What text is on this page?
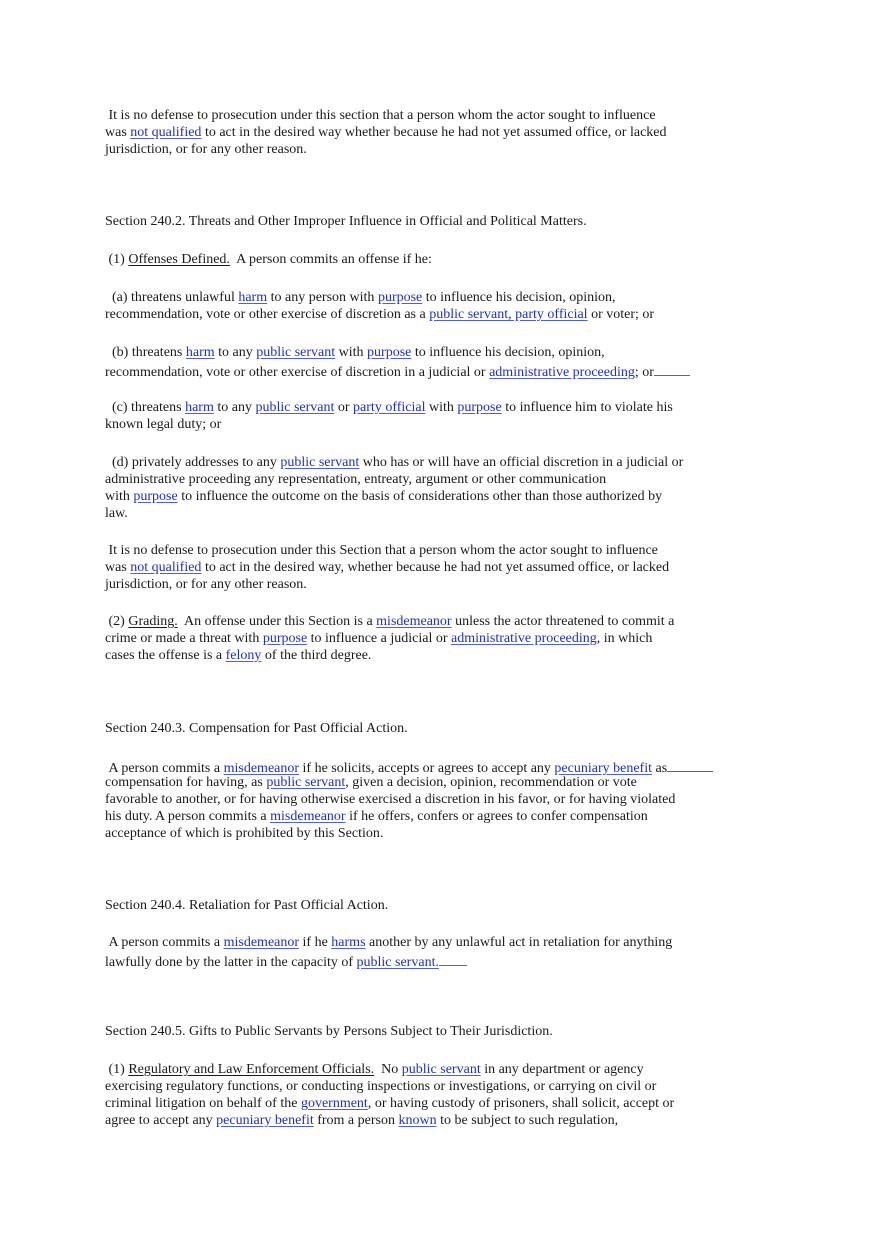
It is no defense to prosecution under this section that a person whom the actor sought to influence
was not qualified to act in the desired way whether because he had not yet assumed office, or lacked
jurisdiction, or for any other reason.

Section 240.2. Threats and Other Improper Influence in Official and Political Matters.

(1) Offenses Defined. A person commits an offense if he:

(a) threatens unlawful harm to any person with purpose to influence his decision, opinion,
recommendation, vote or other exercise of discretion as a public servant, party official or voter; or

(b) threatens harm to any public servant with purpose to influence his decision, opinion,
recommendation, vote or other exercise of discretion in a judicial or administrative proceeding; or

(c) threatens harm to any public servant or party official with purpose to influence him to violate his
known legal duty; or

(d) privately addresses to any public servant who has or will have an official discretion in a judicial or
administrative proceeding any representation, entreaty, argument or other communication
with purpose to influence the outcome on the basis of considerations other than those authorized by
law.

It is no defense to prosecution under this Section that a person whom the actor sought to influence
was not qualified to act in the desired way, whether because he had not yet assumed office, or lacked
jurisdiction, or for any other reason.

(2) Grading. An offense under this Section is a misdemeanor unless the actor threatened to commit a
crime or made a threat with purpose to influence a judicial or administrative proceeding, in which
cases the offense is a felony of the third degree.

Section 240.3. Compensation for Past Official Action.

A person commits a misdemeanor if he solicits, accepts or agrees to accept any pecuniary benefit as
compensation for having, as public servant, given a decision, opinion, recommendation or vote
favorable to another, or for having otherwise exercised a discretion in his favor, or for having violated
his duty. A person commits a misdemeanor if he offers, confers or agrees to confer compensation
acceptance of which is prohibited by this Section.

Section 240.4. Retaliation for Past Official Action.

A person commits a misdemeanor if he harms another by any unlawful act in retaliation for anything
lawfully done by the latter in the capacity of public servant.

Section 240.5. Gifts to Public Servants by Persons Subject to Their Jurisdiction.

(1) Regulatory and Law Enforcement Officials. No public servant in any department or agency
exercising regulatory functions, or conducting inspections or investigations, or carrying on civil or
criminal litigation on behalf of the government, or having custody of prisoners, shall solicit, accept or
agree to accept any pecuniary benefit from a person known to be subject to such regulation,
